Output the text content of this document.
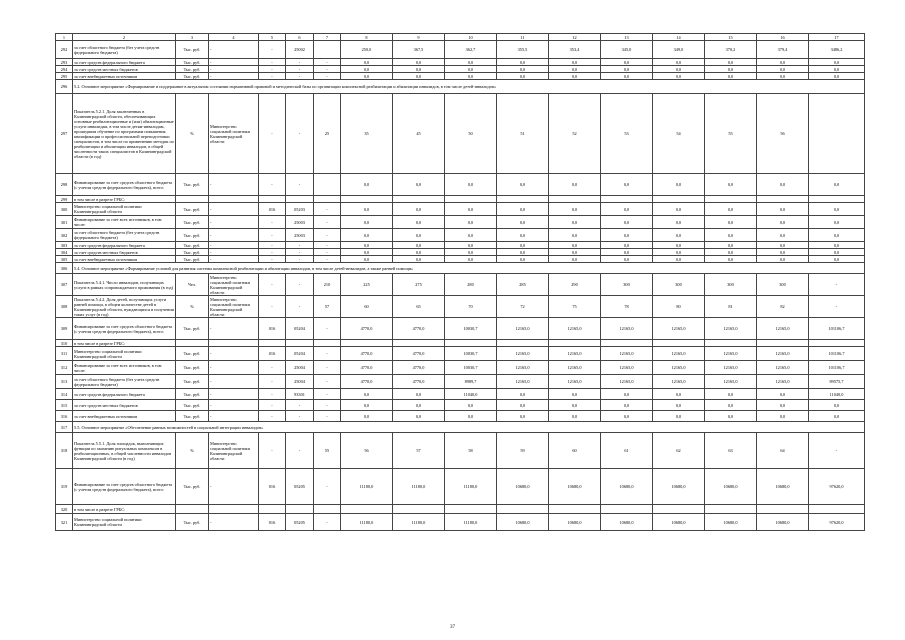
1	2	3	4	5	6	7	8	9	10	11	12	13	14	15	16	17	
292	за счет областного бюджета (без учета средств федерального бюджета)	Тыс. руб.	-	-	25002		250,0	367,5	362,7	355,5	353,4	345,0	349,0	370,2	379,4	3486,2	
293	за счет средств федерального бюджета	Тыс. руб.	-	-	-	-	0,0	0,0	0,0	0,0	0,0	0,0	0,0	0,0	0,0	0,0	
294	за счет средств местных бюджетов	Тыс. руб.	-	-	-	-	0,0	0,0	0,0	0,0	0,0	0,0	0,0	0,0	0,0	0,0	
295	за счет внебюджетных источников	Тыс. руб.	-	-	-	-	0,0	0,0	0,0	0,0	0,0	0,0	0,0	0,0	0,0	0,0	
296	5.2. Основное мероприятие «Формирование и поддержание в актуальном состоянии нормативной правовой и методической базы по организации комплексной реабилитации и абилитации инвалидов, в том числе детей-инвалидов»																
297	Показатель 5.2.1. Доля заключенных в Калининградской области, обеспечивающих основные реабилитационные и (или) абилитационные услуги инвалидам, в том числе детям-инвалидам, прошедшим обучение по программам повышения квалификации и профессиональной переподготовки специалистов, в том числе по применению методик по реабилитации и абилитации инвалидов, в общей численности таких специалистов в Калининградской области (в год)	%	Министерство социальной политики Калининградской области	-	-	25	35	45	50	51	52	53	54	55	56		
298	Финансирование за счет средств областного бюджета (с учетом средств федерального бюджета), всего:	Тыс. руб.	-	-	-		0,0	0,0	0,0	0,0	0,0	0,0	0,0	0,0	0,0	0,0	
299	в том числе в разрезе ГРБС:																
300	Министерство социальной политики Калининградской области	Тыс. руб.	-	016	05203	-	0,0	0,0	0,0	0,0	0,0	0,0	0,0	0,0	0,0	0,0	
301	Финансирование за счет всех источников, в том числе:	Тыс. руб.	-	-	25003	-	0,0	0,0	0,0	0,0	0,0	0,0	0,0	0,0	0,0	0,0	
302	за счет областного бюджета (без учета средств федерального бюджета)	Тыс. руб.	-	-	25003	-	0,0	0,0	0,0	0,0	0,0	0,0	0,0	0,0	0,0	0,0	
303	за счет средств федерального бюджета	Тыс. руб.	-	-	-	-	0,0	0,0	0,0	0,0	0,0	0,0	0,0	0,0	0,0	0,0	
304	за счет средств местных бюджетов	Тыс. руб.	-	-	-	-	0,0	0,0	0,0	0,0	0,0	0,0	0,0	0,0	0,0	0,0	
305	за счет внебюджетных источников	Тыс. руб.	-	-	-	-	0,0	0,0	0,0	0,0	0,0	0,0	0,0	0,0	0,0	0,0	
306	5.4. Основное мероприятие «Формирование условий для развития системы комплексной реабилитации и абилитации инвалидов, в том числе детей-инвалидов, а также ранней помощи»																
307	Показатель 5.4.1. Число инвалидов, получающих услуги в рамках сопровождаемого проживания (в год)	Чел.	Министерство социальной политики Калининградской области	-	-	210	225	275	280	285	290	300	300	300	300	-	
308	Показатель 5.4.2. Доля детей, получающих услуги ранней помощи, в общем количестве детей в Калининградской области, нуждающихся в получении таких услуг (в год)	%	Министерство социальной политики Калининградской области	-	-	57	60	65	70	72	75	78	80	81	82	-	
309	Финансирование за счет средств областного бюджета (с учетом средств федерального бюджета), всего:	Тыс. руб.	-	016	05204	-	4770,0	4770,0	10030,7	12165,0	12165,0	12165,0	12165,0	12165,0	12165,0	101106,7	
310	в том числе в разрезе ГРБС:																
311	Министерство социальной политики Калининградской области	Тыс. руб.	-	016	05204	-	4770,0	4770,0	10030,7	12165,0	12165,0	12165,0	12165,0	12165,0	12165,0	101106,7	
312	Финансирование за счет всех источников, в том числе:	Тыс. руб.	-	-	25004	-	4770,0	4770,0	10030,7	12165,0	12165,0	12165,0	12165,0	12165,0	12165,0	101106,7	
313	за счет областного бюджета (без учета средств федерального бюджета)	Тыс. руб.	-	-	25004	-	4770,0	4770,0	8989,7	12165,0	12165,0	12165,0	12165,0	12165,0	12165,0	89575,7	
314	за счет средств федерального бюджета	Тыс. руб.	-	-	93301	-	0,0	0,0	11040,0	0,0	0,0	0,0	0,0	0,0	0,0	11040,0	
315	за счет средств местных бюджетов	Тыс. руб.	-	-	-	-	0,0	0,0	0,0	0,0	0,0	0,0	0,0	0,0	0,0	0,0	
316	за счет внебюджетных источников	Тыс. руб.	-	-	-	-	0,0	0,0	0,0	0,0	0,0	0,0	0,0	0,0	0,0	0,0	
317	5.5. Основное мероприятие «Обеспечение равных возможностей в социальной интеграции инвалидов»																
318	Показатель 5.5.1. Доля площадок, выполняющих функции по оказанию ритуальных комплексов в реабилитационных, в общей численности инвалидов Калининградской области (в год)	%	Министерство социальной политики Калининградской области	-	-	55	56	57	58	59	60	61	62	63	64	-	
319	Финансирование за счет средств областного бюджета (с учетом средств федерального бюджета), всего:	Тыс. руб.	-	016	05205	-	11180,0	11180,0	11180,0	10680,0	10680,0	10680,0	10680,0	10680,0	10680,0	97620,0	
320	в том числе в разрезе ГРБС:																
321	Министерство социальной политики Калининградской области	Тыс. руб.	-	016	05205	-	11180,0	11180,0	11180,0	10680,0	10680,0	10680,0	10680,0	10680,0	10680,0	97620,0	
37
